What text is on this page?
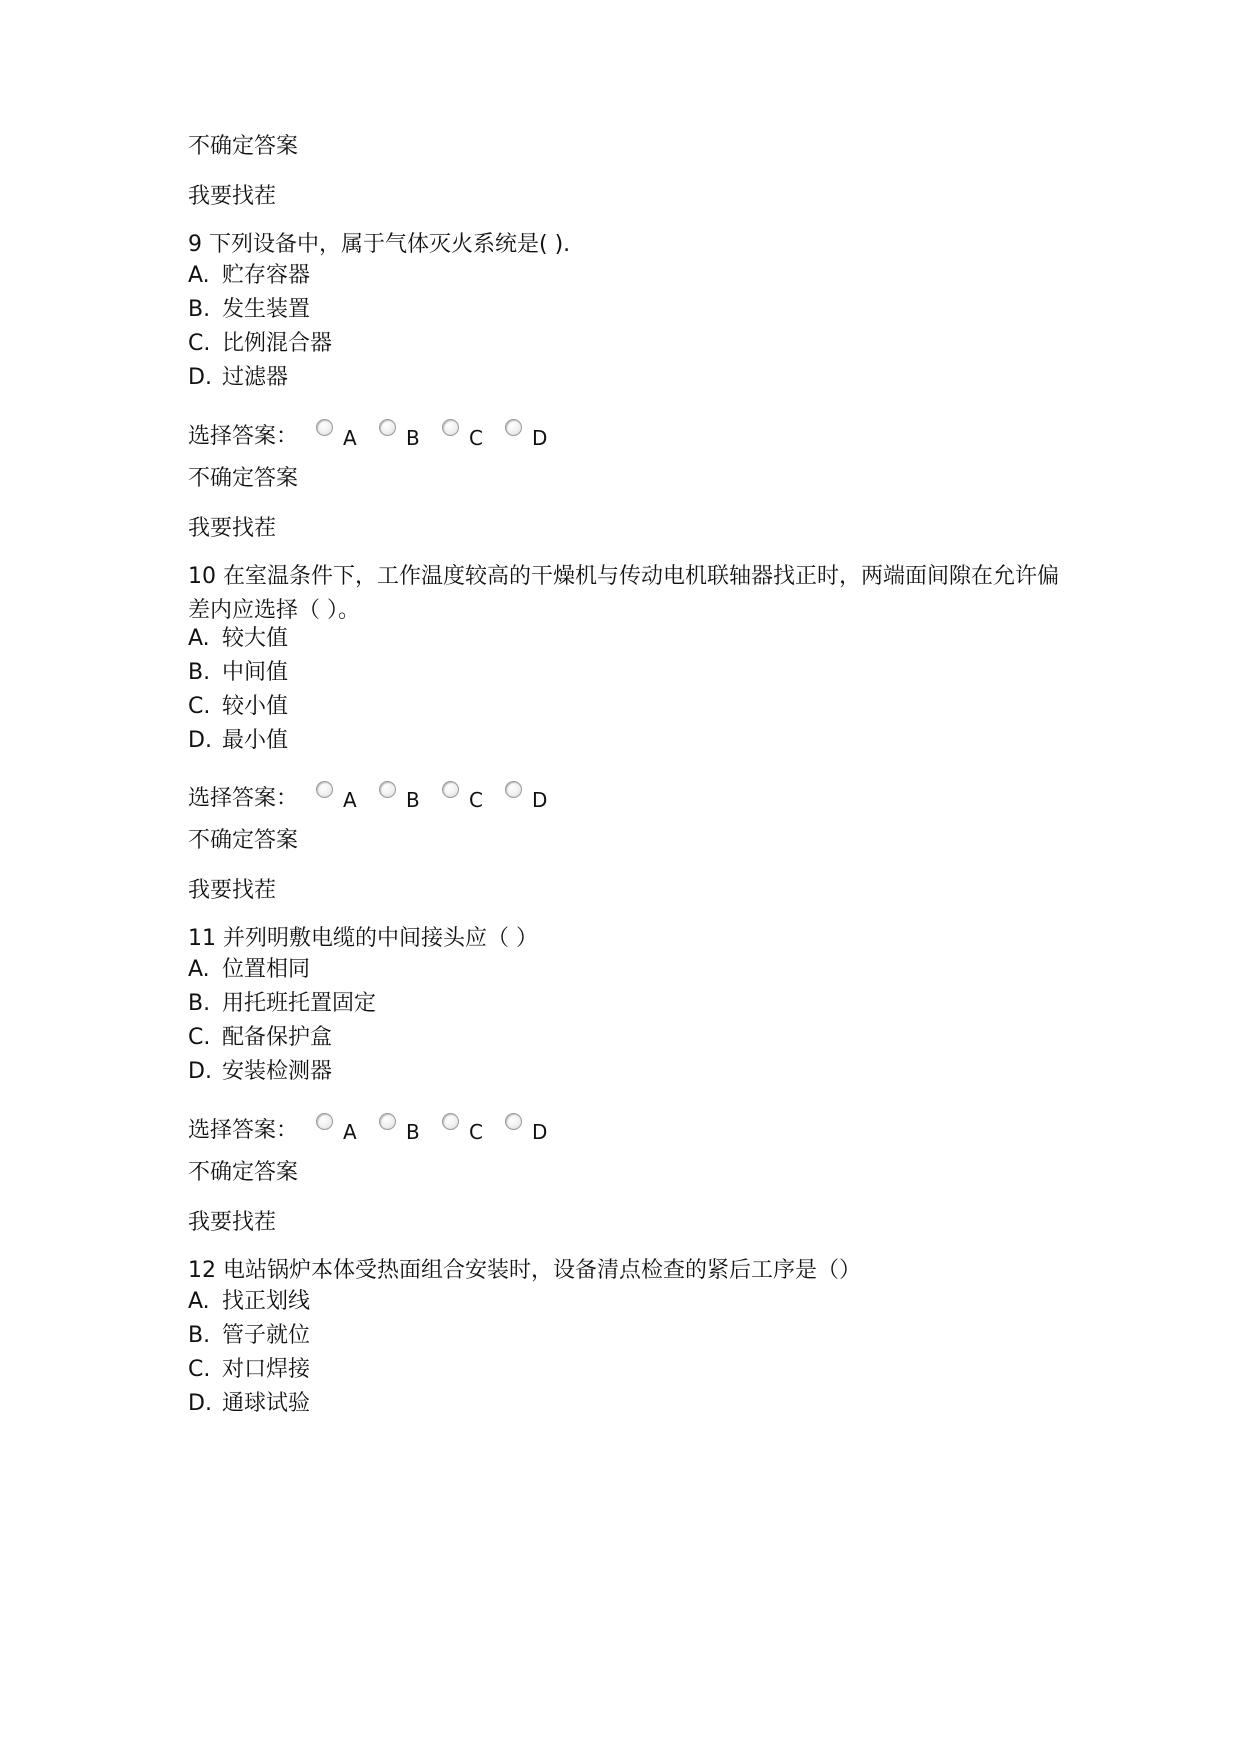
不确定答案
我要找茬
9 下列设备中，属于气体灭火系统是( ).
A. 贮存容器
B. 发生装置
C. 比例混合器
D. 过滤器
选择答案： A	B	C	D
不确定答案
我要找茬
10 在室温条件下，工作温度较高的干燥机与传动电机联轴器找正时，两端面间隙在允许偏差内应选择（ ）。
A. 较大值
B. 中间值
C. 较小值
D. 最小值
选择答案： A	B	C	D
不确定答案
我要找茬
11 并列明敷电缆的中间接头应（ ）
A. 位置相同
B. 用托班托置固定
C. 配备保护盒
D. 安装检测器
选择答案： A	B	C	D
不确定答案
我要找茬
12 电站锅炉本体受热面组合安装时，设备清点检查的紧后工序是（）
A. 找正划线
B. 管子就位
C. 对口焊接
D. 通球试验
